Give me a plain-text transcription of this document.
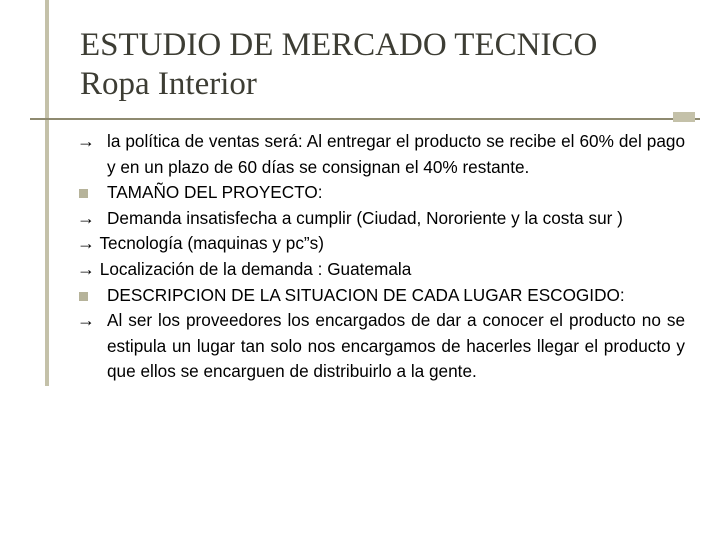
ESTUDIO DE MERCADO TECNICO
Ropa Interior

→ la política de ventas será: Al entregar el producto se recibe el 60% del pago y en un plazo de 60 días se consignan el 40% restante.

TAMAÑO DEL PROYECTO:

→ Demanda insatisfecha a cumplir (Ciudad, Nororiente y la costa sur )

→ Tecnología (maquinas y pc”s)

→ Localización de la demanda : Guatemala

DESCRIPCION DE LA SITUACION DE CADA LUGAR ESCOGIDO:

→ Al ser los proveedores los encargados de dar a conocer el producto no se estipula un lugar tan solo nos encargamos de hacerles llegar el producto y que ellos se encarguen de distribuirlo a la gente.
